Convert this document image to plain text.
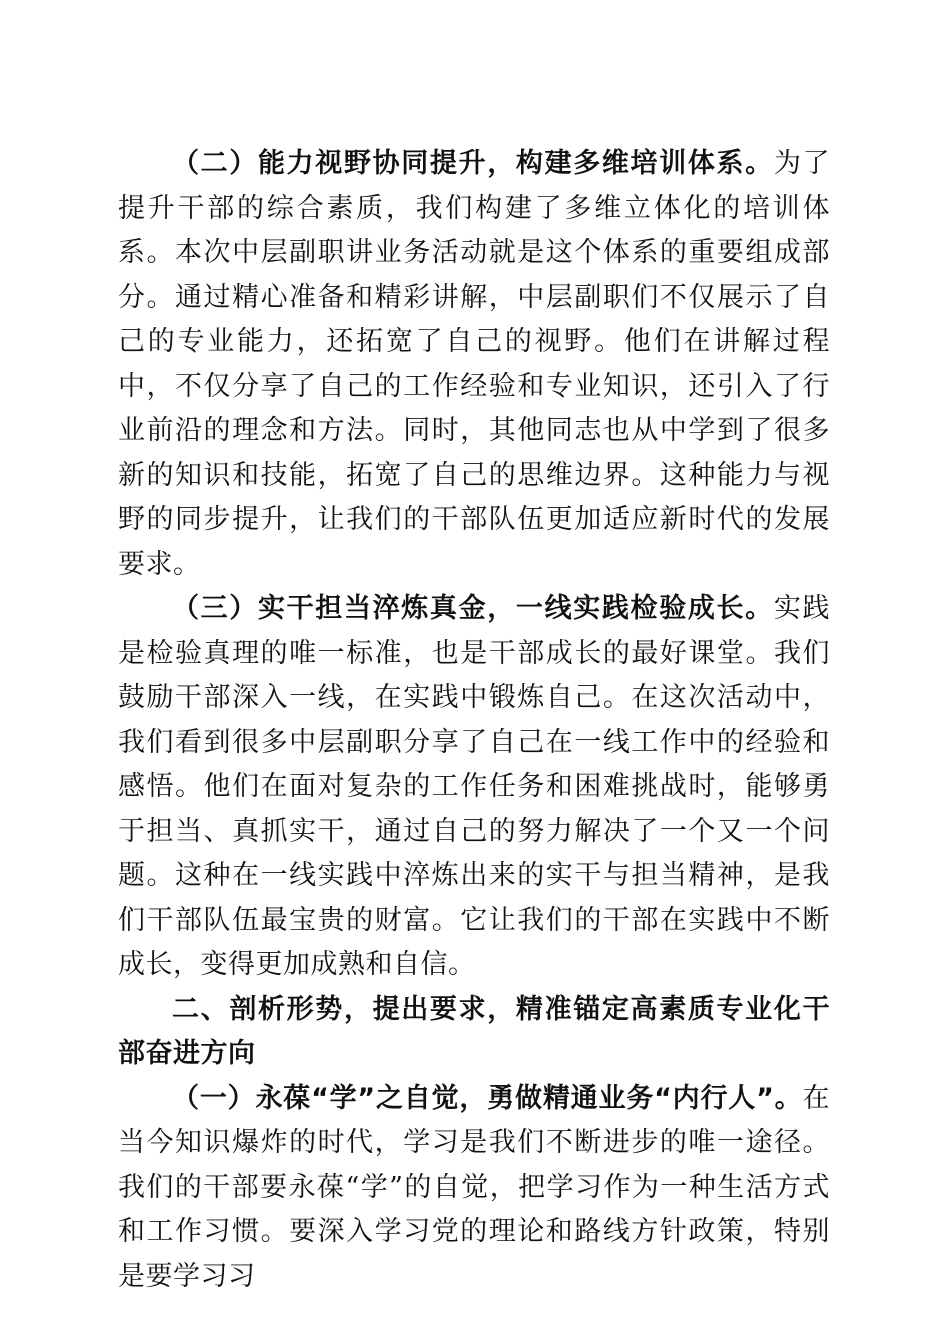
（二）能力视野协同提升，构建多维培训体系。为了提升干部的综合素质，我们构建了多维立体化的培训体系。本次中层副职讲业务活动就是这个体系的重要组成部分。通过精心准备和精彩讲解，中层副职们不仅展示了自己的专业能力，还拓宽了自己的视野。他们在讲解过程中，不仅分享了自己的工作经验和专业知识，还引入了行业前沿的理念和方法。同时，其他同志也从中学到了很多新的知识和技能，拓宽了自己的思维边界。这种能力与视野的同步提升，让我们的干部队伍更加适应新时代的发展要求。

（三）实干担当淬炼真金，一线实践检验成长。实践是检验真理的唯一标准，也是干部成长的最好课堂。我们鼓励干部深入一线，在实践中锻炼自己。在这次活动中，我们看到很多中层副职分享了自己在一线工作中的经验和感悟。他们在面对复杂的工作任务和困难挑战时，能够勇于担当、真抓实干，通过自己的努力解决了一个又一个问题。这种在一线实践中淬炼出来的实干与担当精神，是我们干部队伍最宝贵的财富。它让我们的干部在实践中不断成长，变得更加成熟和自信。

二、剖析形势，提出要求，精准锚定高素质专业化干部奋进方向

（一）永葆“学”之自觉，勇做精通业务“内行人”。在当今知识爆炸的时代，学习是我们不断进步的唯一途径。我们的干部要永葆“学”的自觉，把学习作为一种生活方式和工作习惯。要深入学习党的理论和路线方针政策，特别是要学习习
